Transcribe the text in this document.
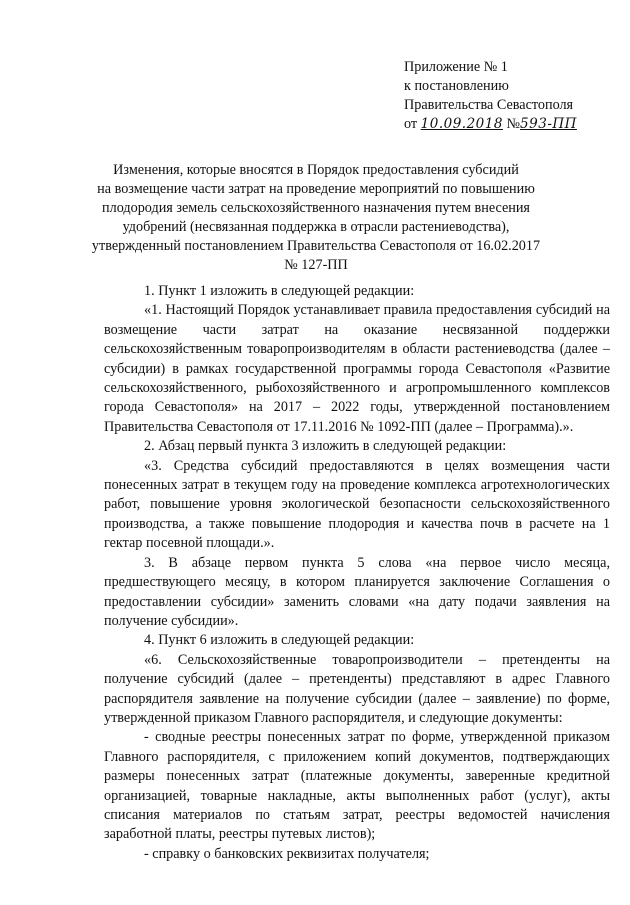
Приложение № 1
к постановлению
Правительства Севастополя
от 10.09.2018 №593-ПП
Изменения, которые вносятся в Порядок предоставления субсидий
на возмещение части затрат на проведение мероприятий по повышению
плодородия земель сельскохозяйственного назначения путем внесения
удобрений (несвязанная поддержка в отрасли растениеводства),
утвержденный постановлением Правительства Севастополя от 16.02.2017
№ 127-ПП

1. Пункт 1 изложить в следующей редакции:

«1. Настоящий Порядок устанавливает правила предоставления субсидий на возмещение части затрат на оказание несвязанной поддержки сельскохозяйственным товаропроизводителям в области растениеводства (далее – субсидии) в рамках государственной программы города Севастополя «Развитие сельскохозяйственного, рыбохозяйственного и агропромышленного комплексов города Севастополя» на 2017 – 2022 годы, утвержденной постановлением Правительства Севастополя от 17.11.2016 № 1092-ПП (далее – Программа).».

2. Абзац первый пункта 3 изложить в следующей редакции:

«3. Средства субсидий предоставляются в целях возмещения части понесенных затрат в текущем году на проведение комплекса агротехнологических работ, повышение уровня экологической безопасности сельскохозяйственного производства, а также повышение плодородия и качества почв в расчете на 1 гектар посевной площади.».

3. В абзаце первом пункта 5 слова «на первое число месяца, предшествующего месяцу, в котором планируется заключение Соглашения о предоставлении субсидии» заменить словами «на дату подачи заявления на получение субсидии».

4. Пункт 6 изложить в следующей редакции:

«6. Сельскохозяйственные товаропроизводители – претенденты на получение субсидий (далее – претенденты) представляют в адрес Главного распорядителя заявление на получение субсидии (далее – заявление) по форме, утвержденной приказом Главного распорядителя, и следующие документы:

- сводные реестры понесенных затрат по форме, утвержденной приказом Главного распорядителя, с приложением копий документов, подтверждающих размеры понесенных затрат (платежные документы, заверенные кредитной организацией, товарные накладные, акты выполненных работ (услуг), акты списания материалов по статьям затрат, реестры ведомостей начисления заработной платы, реестры путевых листов);

- справку о банковских реквизитах получателя;
